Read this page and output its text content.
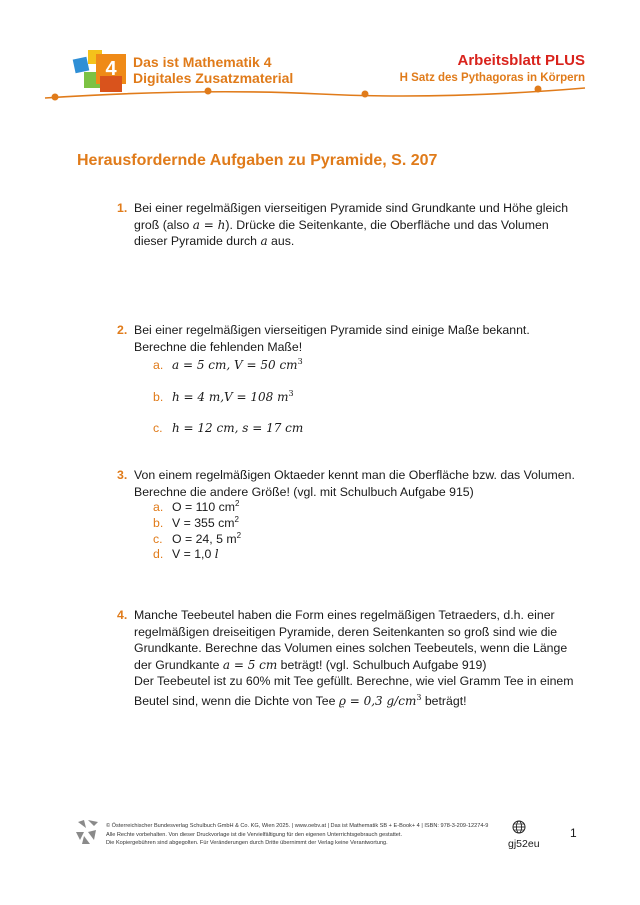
4 Das ist Mathematik 4
Digitales Zusatzmaterial
Arbeitsblatt PLUS
H Satz des Pythagoras in Körpern
Herausfordernde Aufgaben zu Pyramide, S. 207
1. Bei einer regelmäßigen vierseitigen Pyramide sind Grundkante und Höhe gleich
groß (also a = h). Drücke die Seitenkante, die Oberfläche und das Volumen
dieser Pyramide durch a aus.
2. Bei einer regelmäßigen vierseitigen Pyramide sind einige Maße bekannt.
Berechne die fehlenden Maße!
a. a = 5 cm, V = 50 $cm^3$
b. h = 4 m,V = 108 $m^3$
c. h = 12 cm, s = 17 cm
3. Von einem regelmäßigen Oktaeder kennt man die Oberfläche bzw. das Volumen.
Berechne die andere Größe! (vgl. mit Schulbuch Aufgabe 915)
a. O = 110 $cm^2$
b. V = 355 $cm^2$
c. O = 24, 5 $m^2$
d. V = 1,0 l
4. Manche Teebeutel haben die Form eines regelmäßigen Tetraeders, d.h. einer
regelmäßigen dreiseitigen Pyramide, deren Seitenkanten so groß sind wie die
Grundkante. Berechne das Volumen eines solchen Teebeutels, wenn die Länge
der Grundkante a = 5 cm beträgt! (vgl. Schulbuch Aufgabe 919)
Der Teebeutel ist zu 60% mit Tee gefüllt. Berechne, wie viel Gramm Tee in einem
Beutel sind, wenn die Dichte von Tee ϱ = 0,3 $g/cm^3$ beträgt!
© Österreichischer Bundesverlag Schulbuch GmbH & Co. KG, Wien 2025. | www.oebv.at | Das ist Mathematik SB + E-Book+ 4 | ISBN: 978-3-209-12274-9
Alle Rechte vorbehalten. Von dieser Druckvorlage ist die Vervielfältigung für den eigenen Unterrichtsgebrauch gestattet.
Die Kopiergebühren sind abgegolten. Für Veränderungen durch Dritte übernimmt der Verlag keine Verantwortung.	gj52eu
1
